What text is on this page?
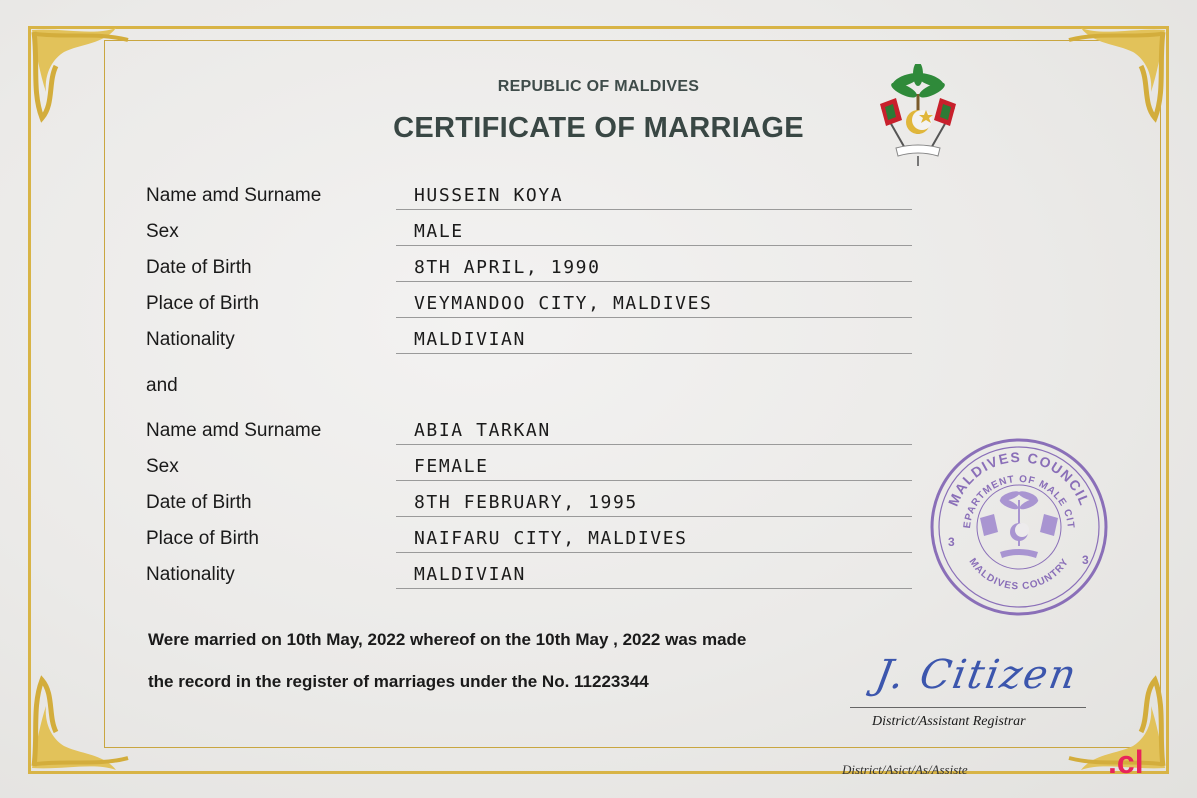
REPUBLIC OF MALDIVES
CERTIFICATE OF MARRIAGE
Name amd Surname	HUSSEIN KOYA
Sex	MALE
Date of Birth	8TH APRIL, 1990
Place of Birth	VEYMANDOO CITY, MALDIVES
Nationality	MALDIVIAN
and
Name amd Surname	ABIA TARKAN
Sex	FEMALE
Date of Birth	8TH FEBRUARY, 1995
Place of Birth	NAIFARU CITY, MALDIVES
Nationality	MALDIVIAN
Were married on 10th May, 2022 whereof on the 10th May , 2022 was made
the record in the register of marriages under the No. 11223344
MALDIVES COUNCIL
EPARTMENT OF MALE CIT
MALDIVES COUNTRY
3
3
J. Citizen
District/Assistant Registrar
District/Asict/As/Assiste	.cl
